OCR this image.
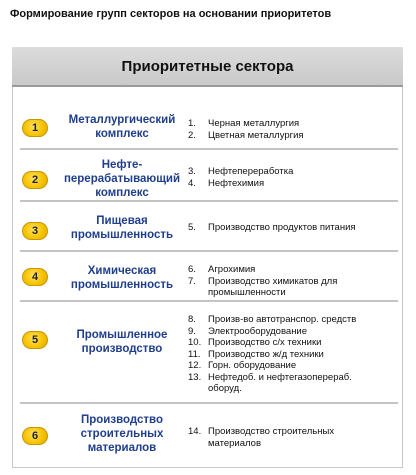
Формирование групп секторов на основании приоритетов
Приоритетные сектора
1
Металлургический
комплекс
1.	Черная металлургия
2.	Цветная металлургия
2
Нефте-
перерабатывающий
комплекс
3.	Нефтепереработка
4.	Нефтехимия
3
Пищевая
промышленность
5.	Производство продуктов питания
4	Химическая
промышленность
6.	Агрохимия
7.	Производство химикатов для
промышленности
5	Промышленное
производство
8.	Произв-во автотранспор. средств
9.	Электрооборудование
10. Производство с/х техники
11. Производство ж/д техники
12. Горн. оборудование
13. Нефтедоб. и нефтегазопереpаб.
оборуд.
6
Производство
строительных
материалов
14. Производство строительных
материалов
